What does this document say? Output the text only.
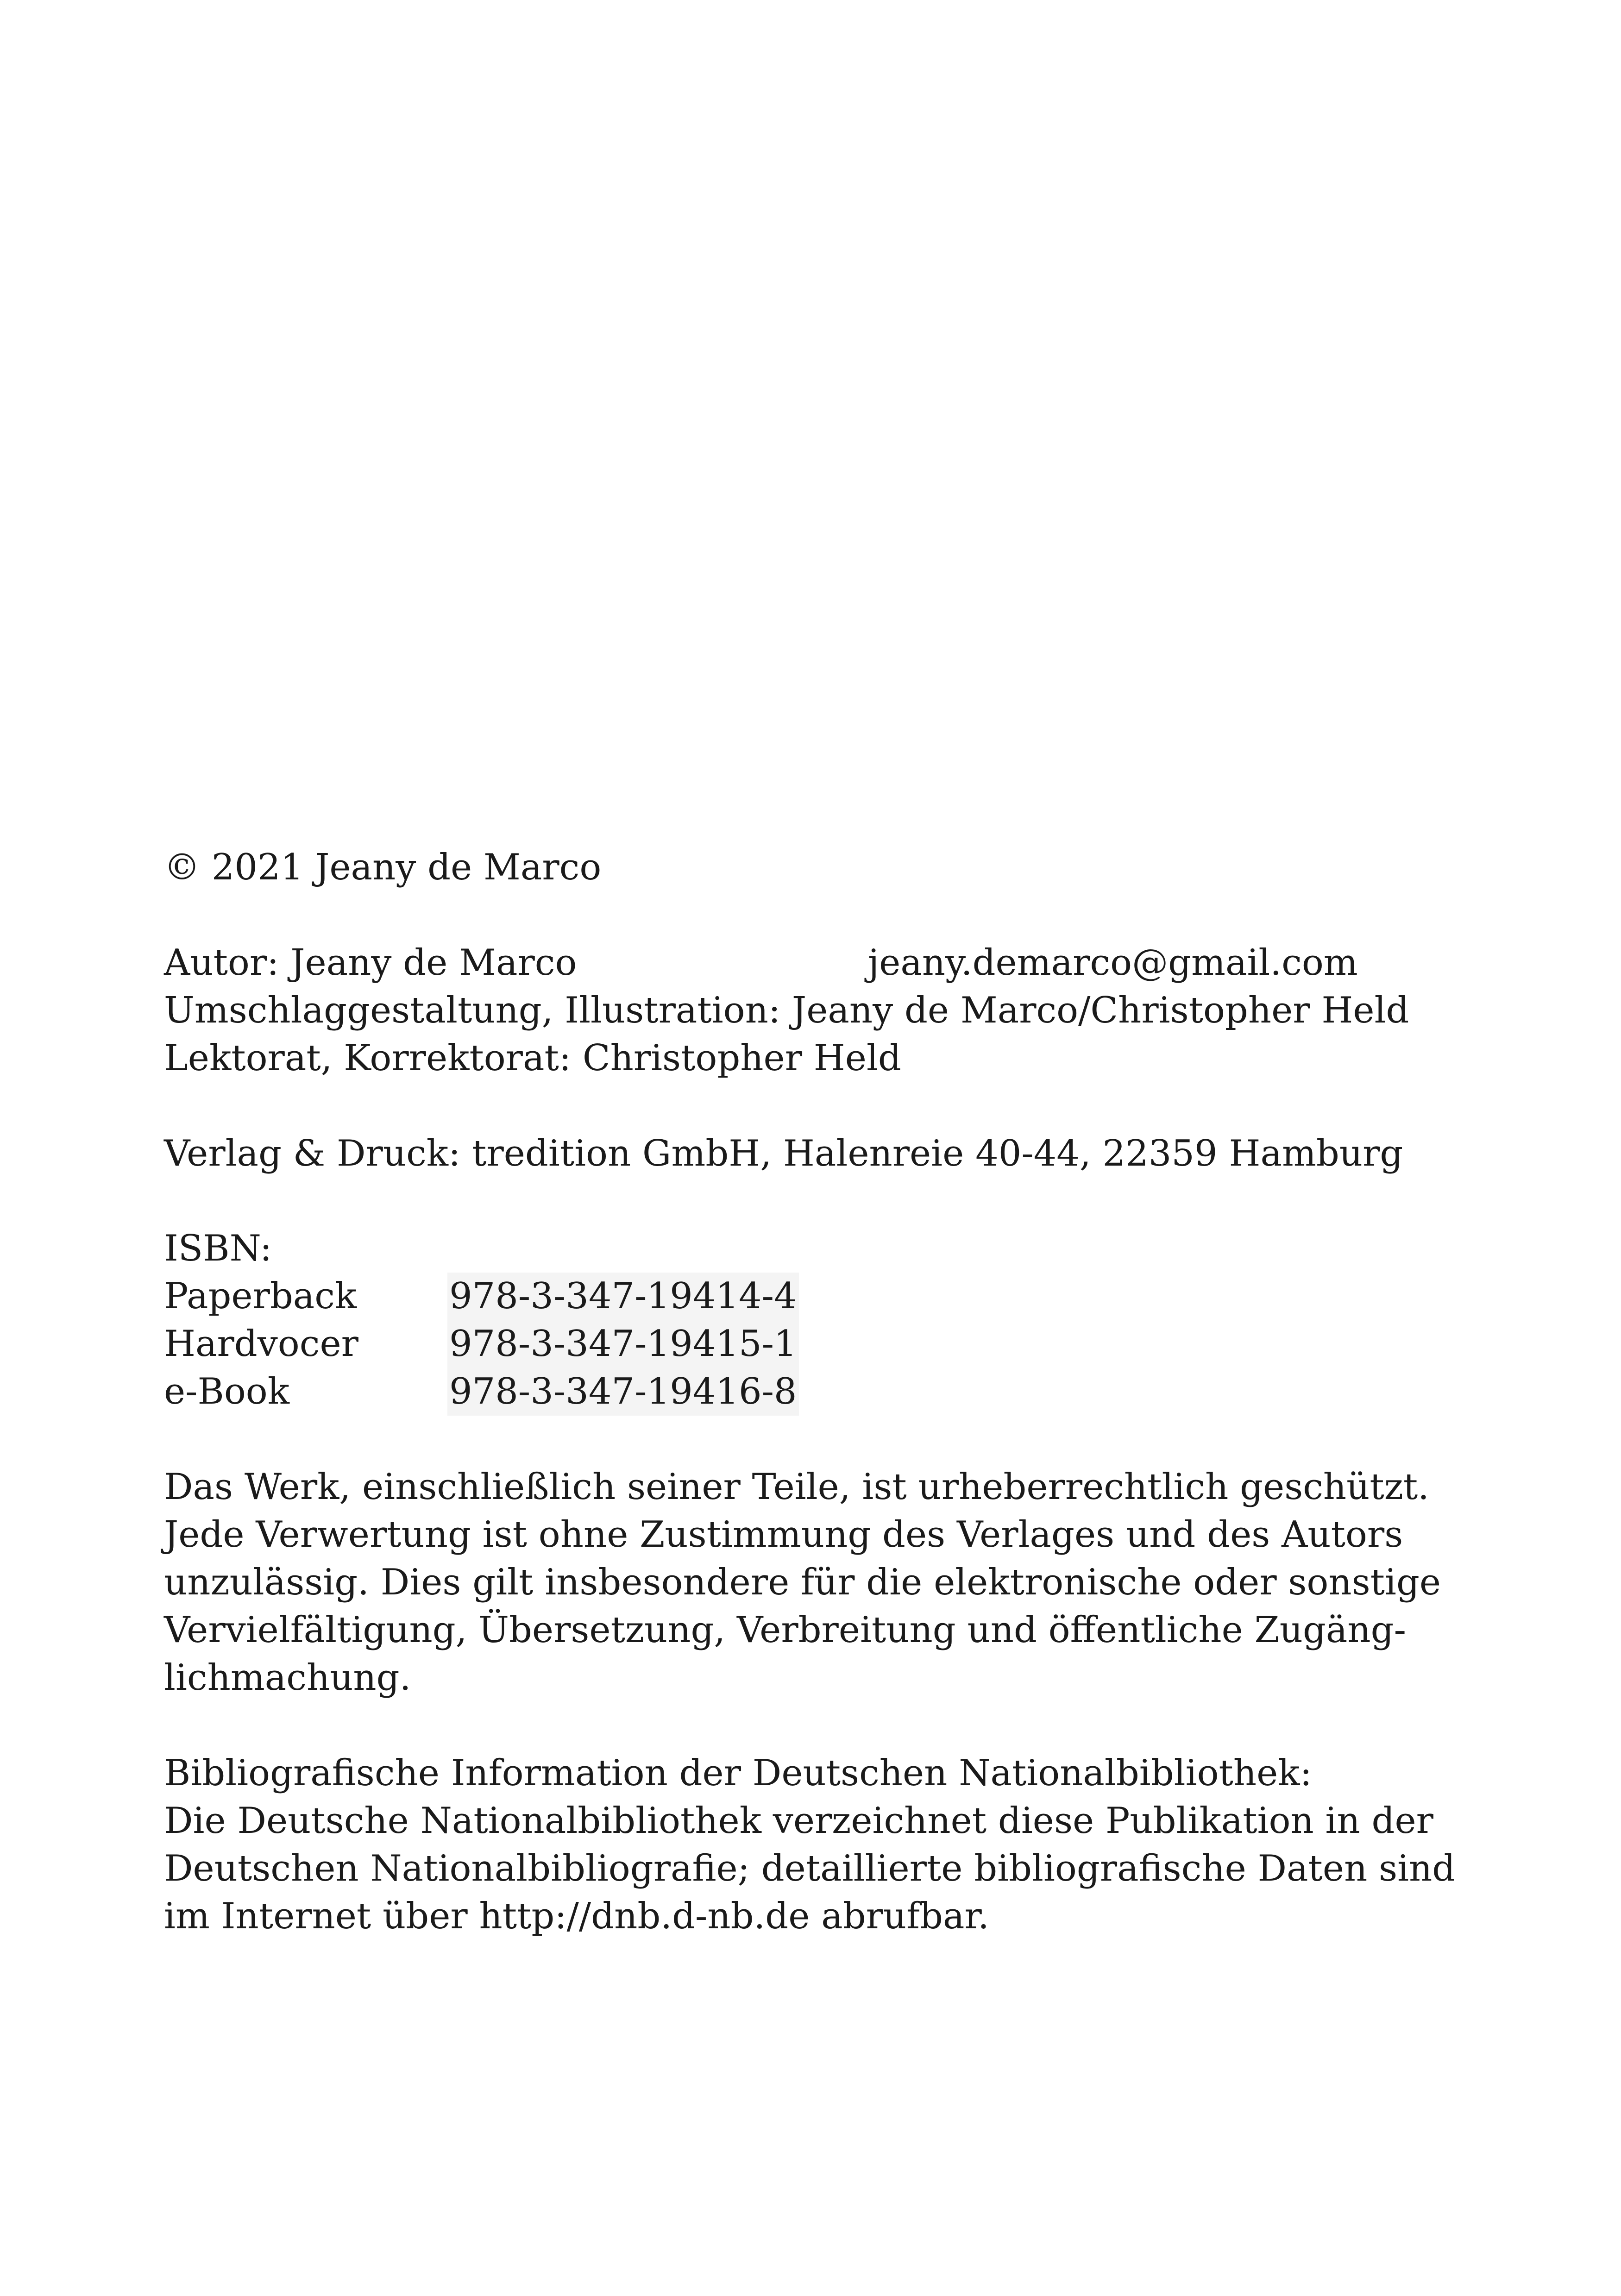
© 2021 Jeany de Marco
Autor: Jeany de Marco	jeany.demarco@gmail.com
Umschlaggestaltung, Illustration: Jeany de Marco/Christopher Held
Lektorat, Korrektorat: Christopher Held
Verlag & Druck: tredition GmbH, Halenreie 40-44, 22359 Hamburg
ISBN:
Paperback	978-3-347-19414-4
Hardvocer	978-3-347-19415-1
e-Book	978-3-347-19416-8
Das Werk, einschließlich seiner Teile, ist urheberrechtlich geschützt.
Jede Verwertung ist ohne Zustimmung des Verlages und des Autors
unzulässig. Dies gilt insbesondere für die elektronische oder sonstige
Vervielfältigung, Übersetzung, Verbreitung und öffentliche Zugäng-
lichmachung.
Bibliografische Information der Deutschen Nationalbibliothek:
Die Deutsche Nationalbibliothek verzeichnet diese Publikation in der
Deutschen Nationalbibliografie; detaillierte bibliografische Daten sind
im Internet über http://dnb.d-nb.de abrufbar.
